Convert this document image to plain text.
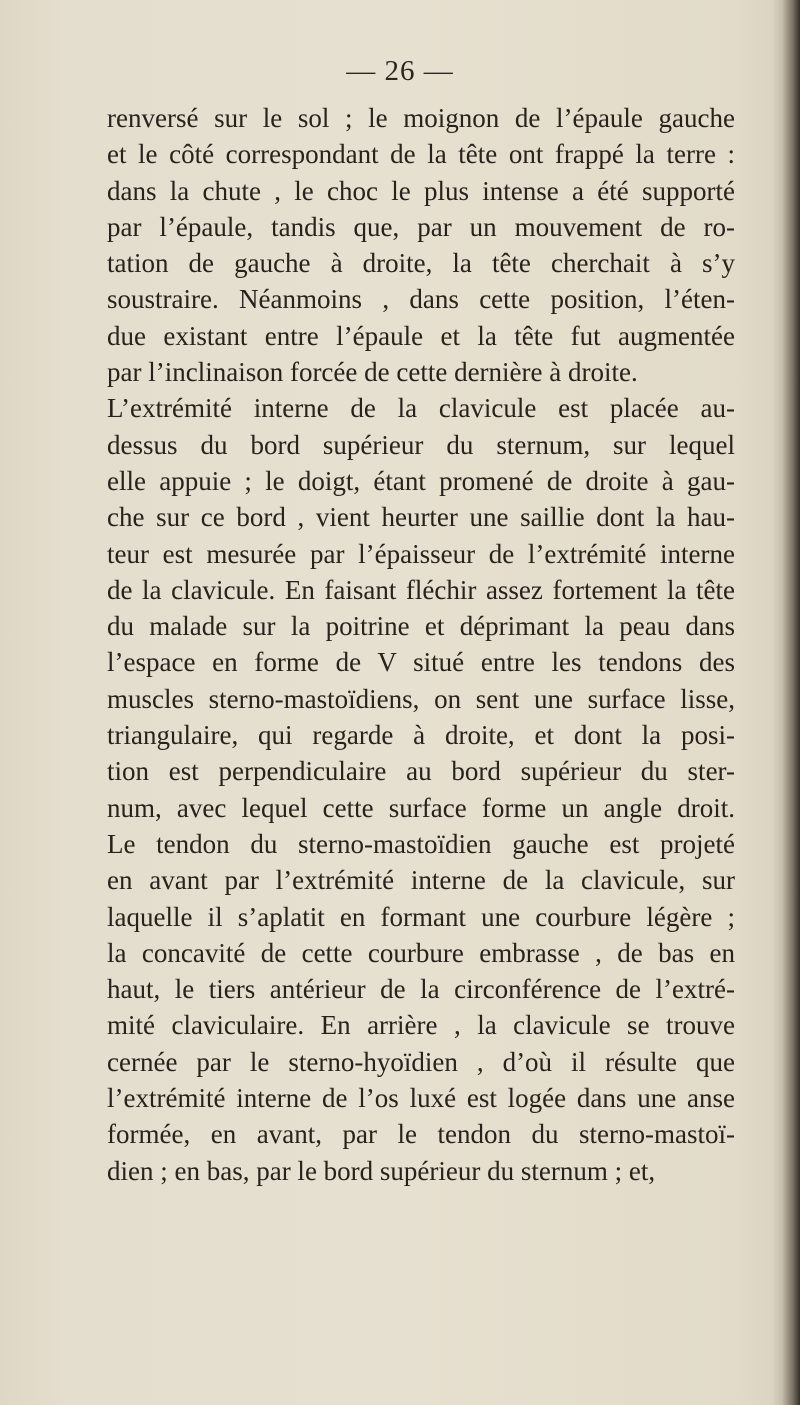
— 26 —
renversé sur le sol ; le moignon de l’épaule gauche
et le côté correspondant de la tête ont frappé la terre :
dans la chute , le choc le plus intense a été supporté
par l’épaule, tandis que, par un mouvement de ro-
tation de gauche à droite, la tête cherchait à s’y
soustraire. Néanmoins , dans cette position, l’éten-
due existant entre l’épaule et la tête fut augmentée
par l’inclinaison forcée de cette dernière à droite.
L’extrémité interne de la clavicule est placée au-
dessus du bord supérieur du sternum, sur lequel
elle appuie ; le doigt, étant promené de droite à gau-
che sur ce bord , vient heurter une saillie dont la hau-
teur est mesurée par l’épaisseur de l’extrémité interne
de la clavicule. En faisant fléchir assez fortement la tête
du malade sur la poitrine et déprimant la peau dans
l’espace en forme de V situé entre les tendons des
muscles sterno-mastoïdiens, on sent une surface lisse,
triangulaire, qui regarde à droite, et dont la posi-
tion est perpendiculaire au bord supérieur du ster-
num, avec lequel cette surface forme un angle droit.
Le tendon du sterno-mastoïdien gauche est projeté
en avant par l’extrémité interne de la clavicule, sur
laquelle il s’aplatit en formant une courbure légère ;
la concavité de cette courbure embrasse , de bas en
haut, le tiers antérieur de la circonférence de l’extré-
mité claviculaire. En arrière , la clavicule se trouve
cernée par le sterno-hyoïdien , d’où il résulte que
l’extrémité interne de l’os luxé est logée dans une anse
formée, en avant, par le tendon du sterno-mastoï-
dien ; en bas, par le bord supérieur du sternum ; et,
